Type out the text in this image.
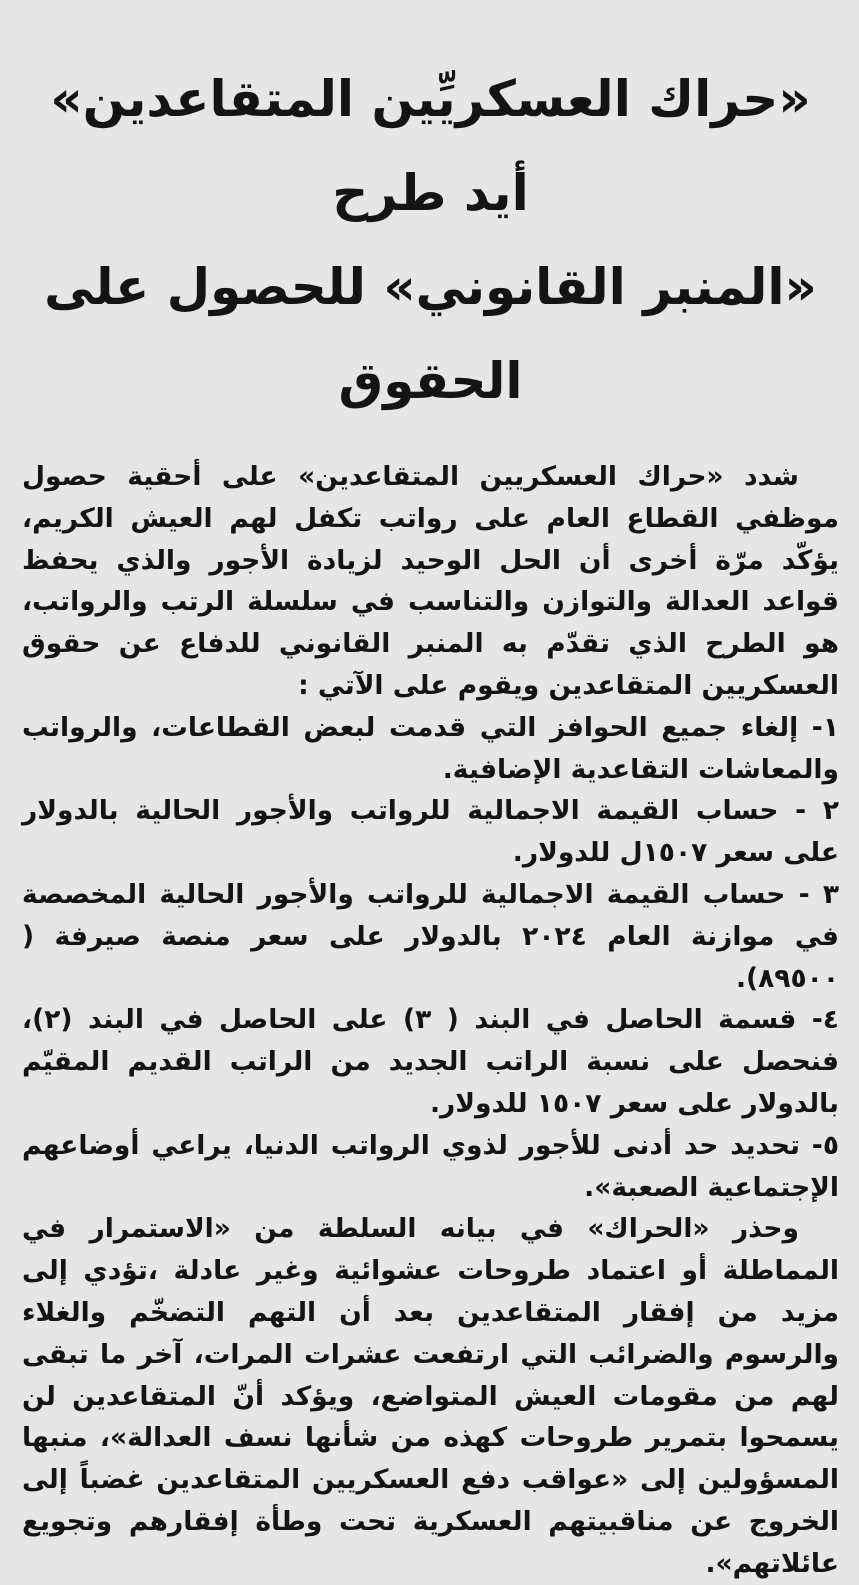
«حراك العسكريِّين المتقاعدين» أيد طرح
«المنبر القانوني» للحصول على الحقوق

شدد «حراك العسكريين المتقاعدين» على أحقية حصول موظفي القطاع العام على رواتب تكفل لهم العيش الكريم، يؤكّد مرّة أخرى أن الحل الوحيد لزيادة الأجور والذي يحفظ قواعد العدالة والتوازن والتناسب في سلسلة الرتب والرواتب، هو الطرح الذي تقدّم به المنبر القانوني للدفاع عن حقوق العسكريين المتقاعدين ويقوم على الآتي :

١- إلغاء جميع الحوافز التي قدمت لبعض القطاعات، والرواتب والمعاشات التقاعدية الإضافية.

٢ - حساب القيمة الاجمالية للرواتب والأجور الحالية بالدولار على سعر ١٥٠٧ل للدولار.

٣ - حساب القيمة الاجمالية للرواتب والأجور الحالية المخصصة في موازنة العام ٢٠٢٤ بالدولار على سعر منصة صيرفة ( ٨٩٥٠٠).

٤- قسمة الحاصل في البند ( ٣) على الحاصل في البند (٢)، فنحصل على نسبة الراتب الجديد من الراتب القديم المقيّم بالدولار على سعر ١٥٠٧ للدولار.

٥- تحديد حد أدنى للأجور لذوي الرواتب الدنيا، يراعي أوضاعهم الإجتماعية الصعبة».

وحذر «الحراك» في بيانه السلطة من «الاستمرار في المماطلة أو اعتماد طروحات عشوائية وغير عادلة ،تؤدي إلى مزيد من إفقار المتقاعدين بعد أن التهم التضخّم والغلاء والرسوم والضرائب التي ارتفعت عشرات المرات، آخر ما تبقى لهم من مقومات العيش المتواضع، ويؤكد أنّ المتقاعدين لن يسمحوا بتمرير طروحات كهذه من شأنها نسف العدالة»، منبها المسؤولين إلى «عواقب دفع العسكريين المتقاعدين غضباً إلى الخروج عن مناقبيتهم العسكرية تحت وطأة إفقارهم وتجويع عائلاتهم».
